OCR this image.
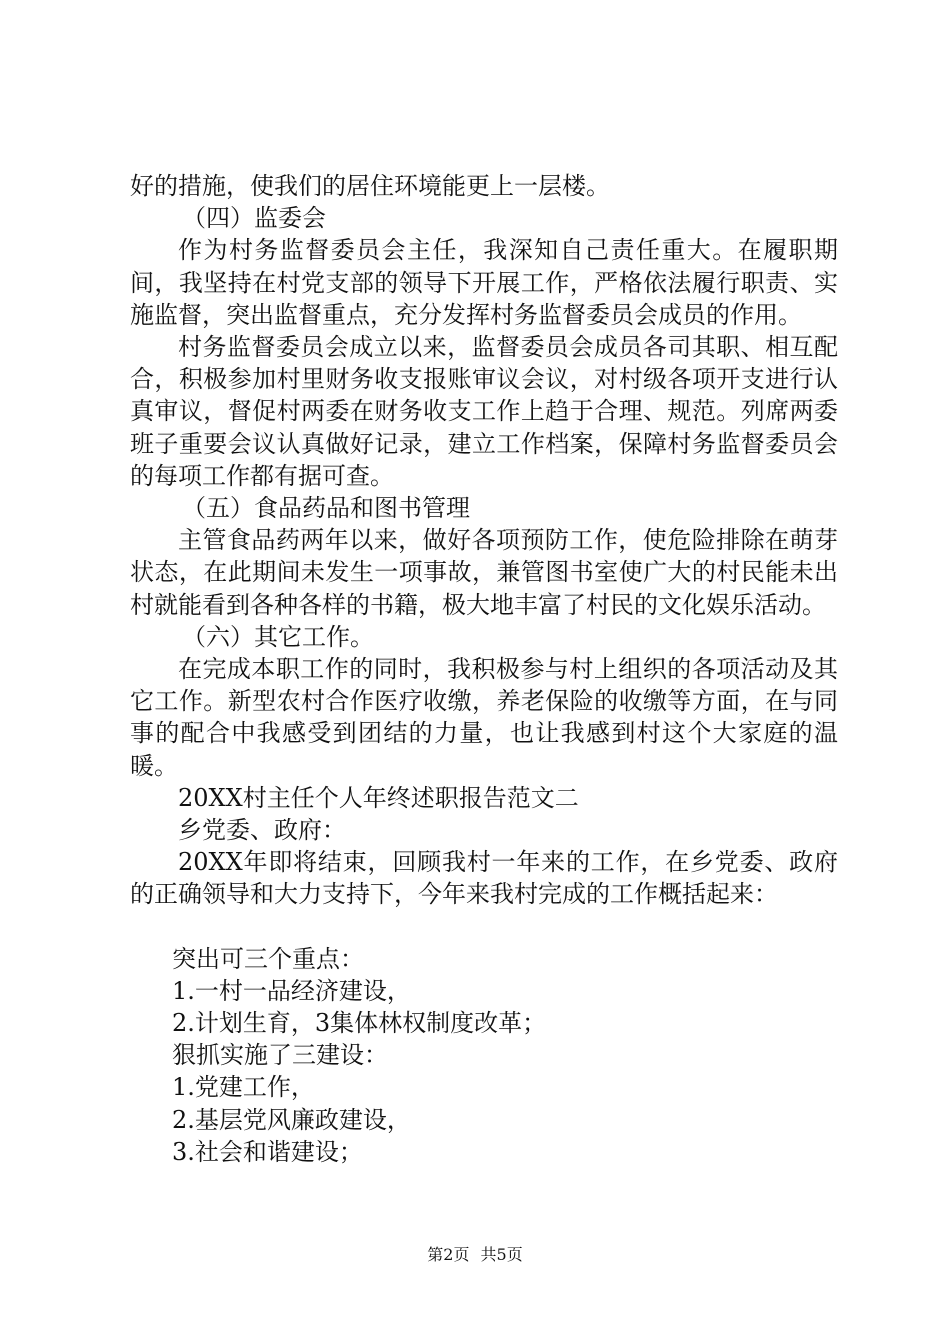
好的措施，使我们的居住环境能更上一层楼。

（四）监委会

作为村务监督委员会主任，我深知自己责任重大。在履职期间，我坚持在村党支部的领导下开展工作，严格依法履行职责、实施监督，突出监督重点，充分发挥村务监督委员会成员的作用。

村务监督委员会成立以来，监督委员会成员各司其职、相互配合，积极参加村里财务收支报账审议会议，对村级各项开支进行认真审议，督促村两委在财务收支工作上趋于合理、规范。列席两委班子重要会议认真做好记录，建立工作档案，保障村务监督委员会的每项工作都有据可查。

（五）食品药品和图书管理

主管食品药两年以来，做好各项预防工作，使危险排除在萌芽状态，在此期间未发生一项事故，兼管图书室使广大的村民能未出村就能看到各种各样的书籍，极大地丰富了村民的文化娱乐活动。

（六）其它工作。

在完成本职工作的同时，我积极参与村上组织的各项活动及其它工作。新型农村合作医疗收缴，养老保险的收缴等方面，在与同事的配合中我感受到团结的力量，也让我感到村这个大家庭的温暖。

20XX村主任个人年终述职报告范文二

乡党委、政府：

20XX年即将结束，回顾我村一年来的工作，在乡党委、政府的正确领导和大力支持下，今年来我村完成的工作概括起来：

突出可三个重点：

1.一村一品经济建设，

2.计划生育，3集体林权制度改革；

狠抓实施了三建设：

1.党建工作，

2.基层党风廉政建设，

3.社会和谐建设；

第2页 共5页
